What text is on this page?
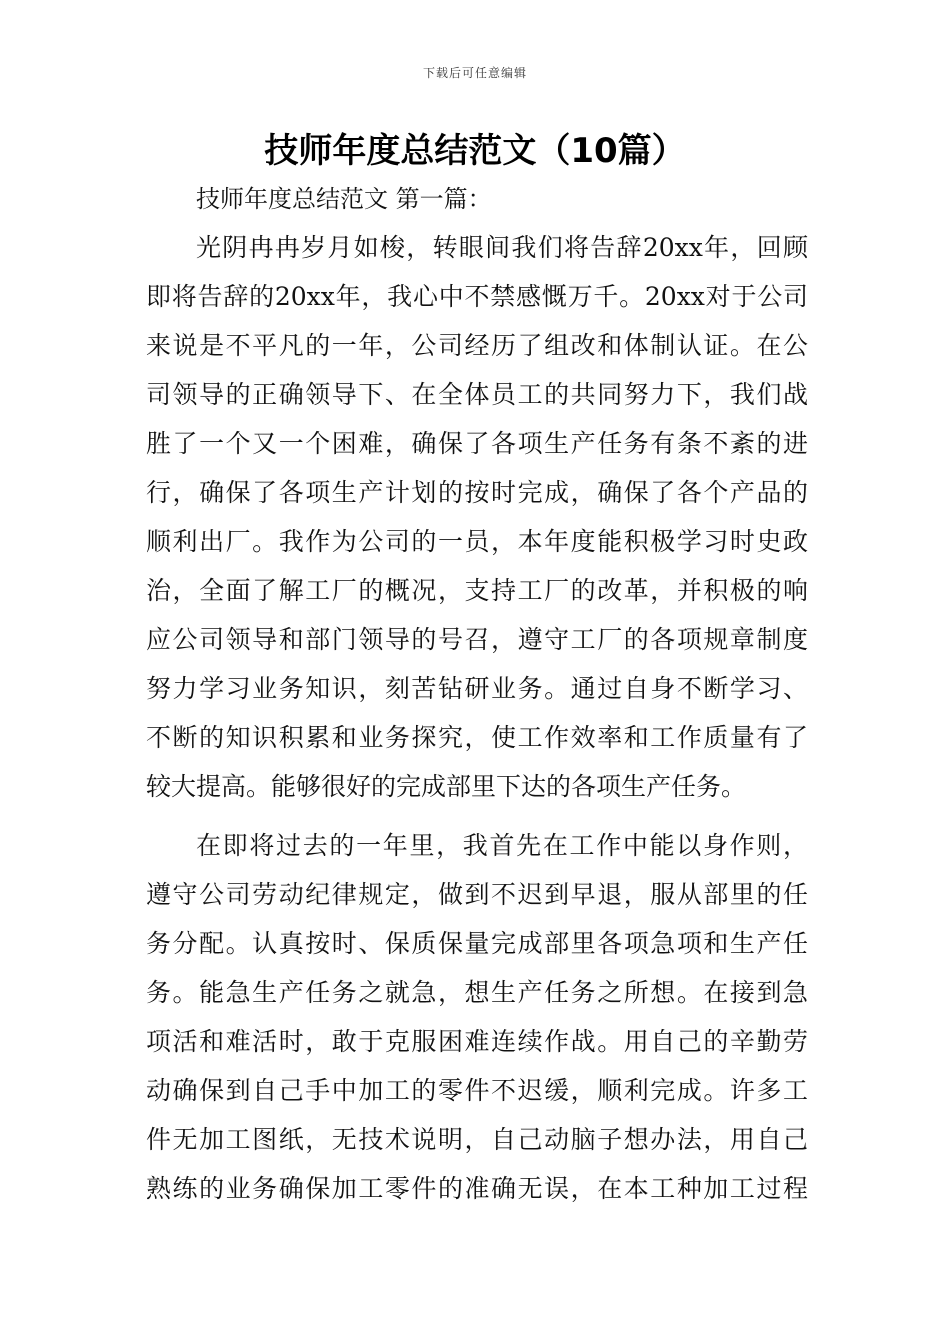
下载后可任意编辑
技师年度总结范文（10篇）
技师年度总结范文 第一篇：
光阴冉冉岁月如梭，转眼间我们将告辞20xx年，回顾
即将告辞的20xx年，我心中不禁感慨万千。20xx对于公司
来说是不平凡的一年，公司经历了组改和体制认证。在公
司领导的正确领导下、在全体员工的共同努力下，我们战
胜了一个又一个困难，确保了各项生产任务有条不紊的进
行，确保了各项生产计划的按时完成，确保了各个产品的
顺利出厂。我作为公司的一员，本年度能积极学习时史政
治，全面了解工厂的概况，支持工厂的改革，并积极的响
应公司领导和部门领导的号召，遵守工厂的各项规章制度
努力学习业务知识，刻苦钻研业务。通过自身不断学习、
不断的知识积累和业务探究，使工作效率和工作质量有了
较大提高。能够很好的完成部里下达的各项生产任务。
在即将过去的一年里，我首先在工作中能以身作则，
遵守公司劳动纪律规定，做到不迟到早退，服从部里的任
务分配。认真按时、保质保量完成部里各项急项和生产任
务。能急生产任务之就急，想生产任务之所想。在接到急
项活和难活时，敢于克服困难连续作战。用自己的辛勤劳
动确保到自己手中加工的零件不迟缓，顺利完成。许多工
件无加工图纸，无技术说明，自己动脑子想办法，用自己
熟练的业务确保加工零件的准确无误，在本工种加工过程
